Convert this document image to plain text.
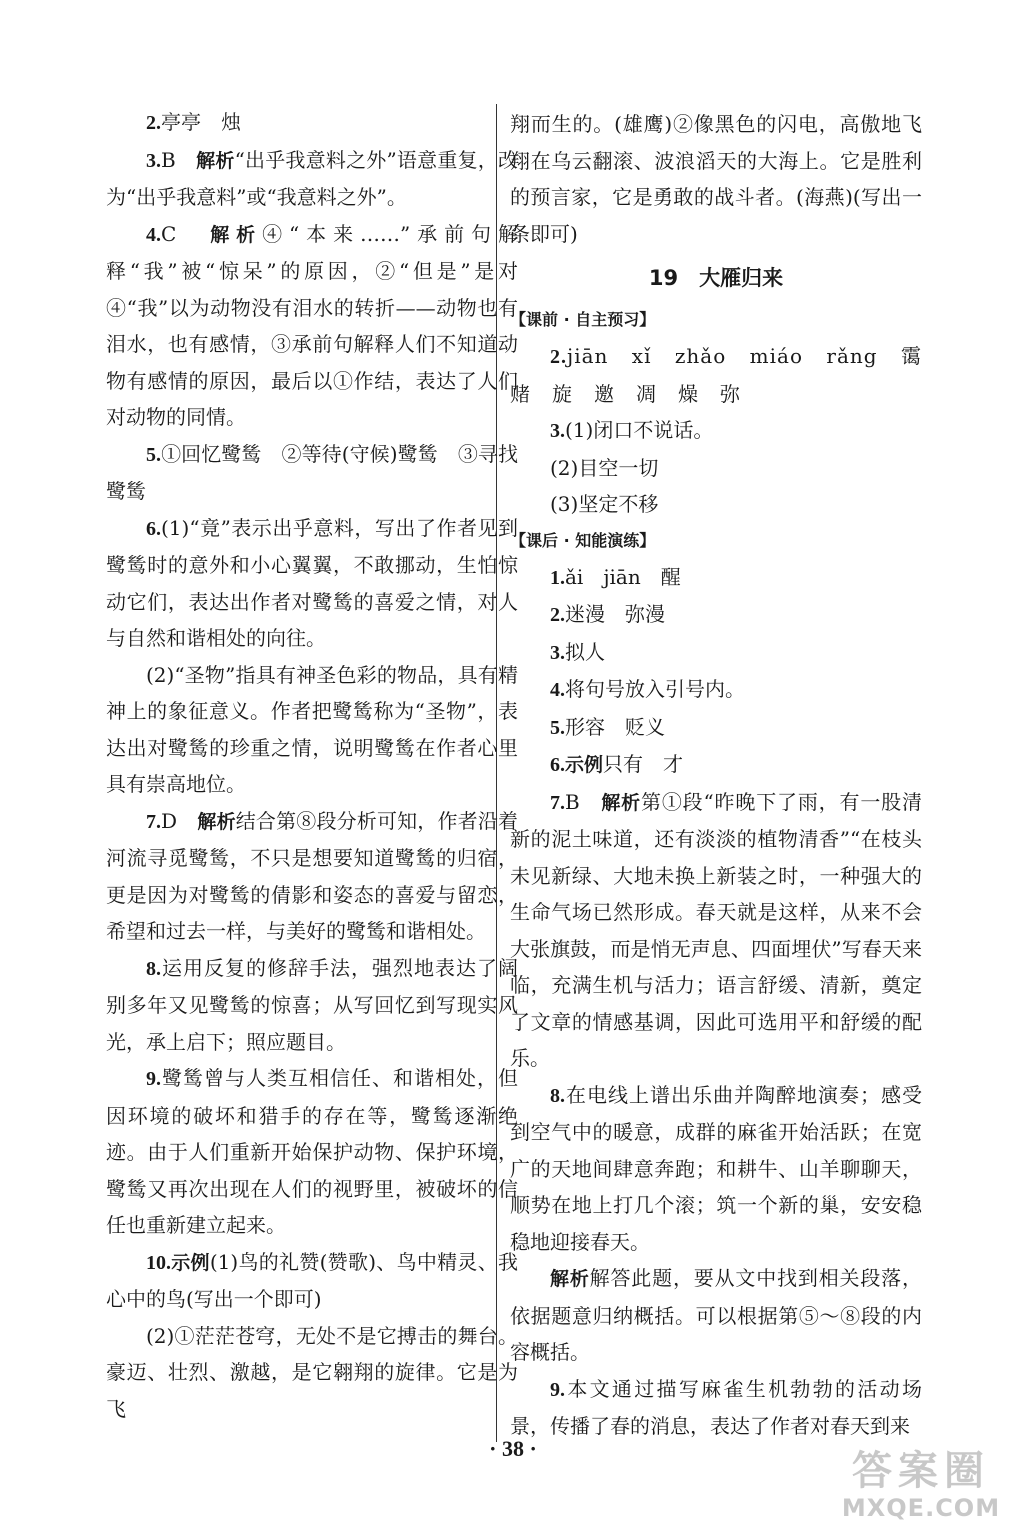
2.亭亭　烛

3.B　解析“出乎我意料之外”语意重复，改为“出乎我意料”或“我意料之外”。

4.C　解析④“本来……”承前句解释“我”被“惊呆”的原因，②“但是”是对④“我”以为动物没有泪水的转折——动物也有泪水，也有感情，③承前句解释人们不知道动物有感情的原因，最后以①作结，表达了人们对动物的同情。

5.①回忆鹭鸶　②等待(守候)鹭鸶　③寻找鹭鸶

6.(1)“竟”表示出乎意料，写出了作者见到鹭鸶时的意外和小心翼翼，不敢挪动，生怕惊动它们，表达出作者对鹭鸶的喜爱之情，对人与自然和谐相处的向往。

(2)“圣物”指具有神圣色彩的物品，具有精神上的象征意义。作者把鹭鸶称为“圣物”，表达出对鹭鸶的珍重之情，说明鹭鸶在作者心里具有崇高地位。

7.D　解析结合第⑧段分析可知，作者沿着河流寻觅鹭鸶，不只是想要知道鹭鸶的归宿，更是因为对鹭鸶的倩影和姿态的喜爱与留恋，希望和过去一样，与美好的鹭鸶和谐相处。

8.运用反复的修辞手法，强烈地表达了阔别多年又见鹭鸶的惊喜；从写回忆到写现实风光，承上启下；照应题目。

9.鹭鸶曾与人类互相信任、和谐相处，但因环境的破坏和猎手的存在等，鹭鸶逐渐绝迹。由于人们重新开始保护动物、保护环境，鹭鸶又再次出现在人们的视野里，被破坏的信任也重新建立起来。

10.示例(1)鸟的礼赞(赞歌)、鸟中精灵、我心中的鸟(写出一个即可)

(2)①茫茫苍穹，无处不是它搏击的舞台。豪迈、壮烈、激越，是它翱翔的旋律。它是为飞

翔而生的。(雄鹰)②像黑色的闪电，高傲地飞翔在乌云翻滚、波浪滔天的大海上。它是胜利的预言家，它是勇敢的战斗者。(海燕)(写出一条即可)

19　大雁归来

【课前 · 自主预习】

2.jiān　xǐ　zhǎo　miáo　rǎng　霭　赌　旋　邀　凋　燥　弥

3.(1)闭口不说话。

(2)目空一切

(3)坚定不移

【课后 · 知能演练】

1.ǎi　jiān　醒

2.迷漫　弥漫

3.拟人

4.将句号放入引号内。

5.形容　贬义

6.示例只有　才

7.B　解析第①段“昨晚下了雨，有一股清新的泥土味道，还有淡淡的植物清香”“在枝头未见新绿、大地未换上新装之时，一种强大的生命气场已然形成。春天就是这样，从来不会大张旗鼓，而是悄无声息、四面埋伏”写春天来临，充满生机与活力；语言舒缓、清新，奠定了文章的情感基调，因此可选用平和舒缓的配乐。

8.在电线上谱出乐曲并陶醉地演奏；感受到空气中的暖意，成群的麻雀开始活跃；在宽广的天地间肆意奔跑；和耕牛、山羊聊聊天，顺势在地上打几个滚；筑一个新的巢，安安稳稳地迎接春天。

解析解答此题，要从文中找到相关段落，依据题意归纳概括。可以根据第⑤～⑧段的内容概括。

9.本文通过描写麻雀生机勃勃的活动场景，传播了春的消息，表达了作者对春天到来

· 38 ·	答案圈
MXQE.COM
